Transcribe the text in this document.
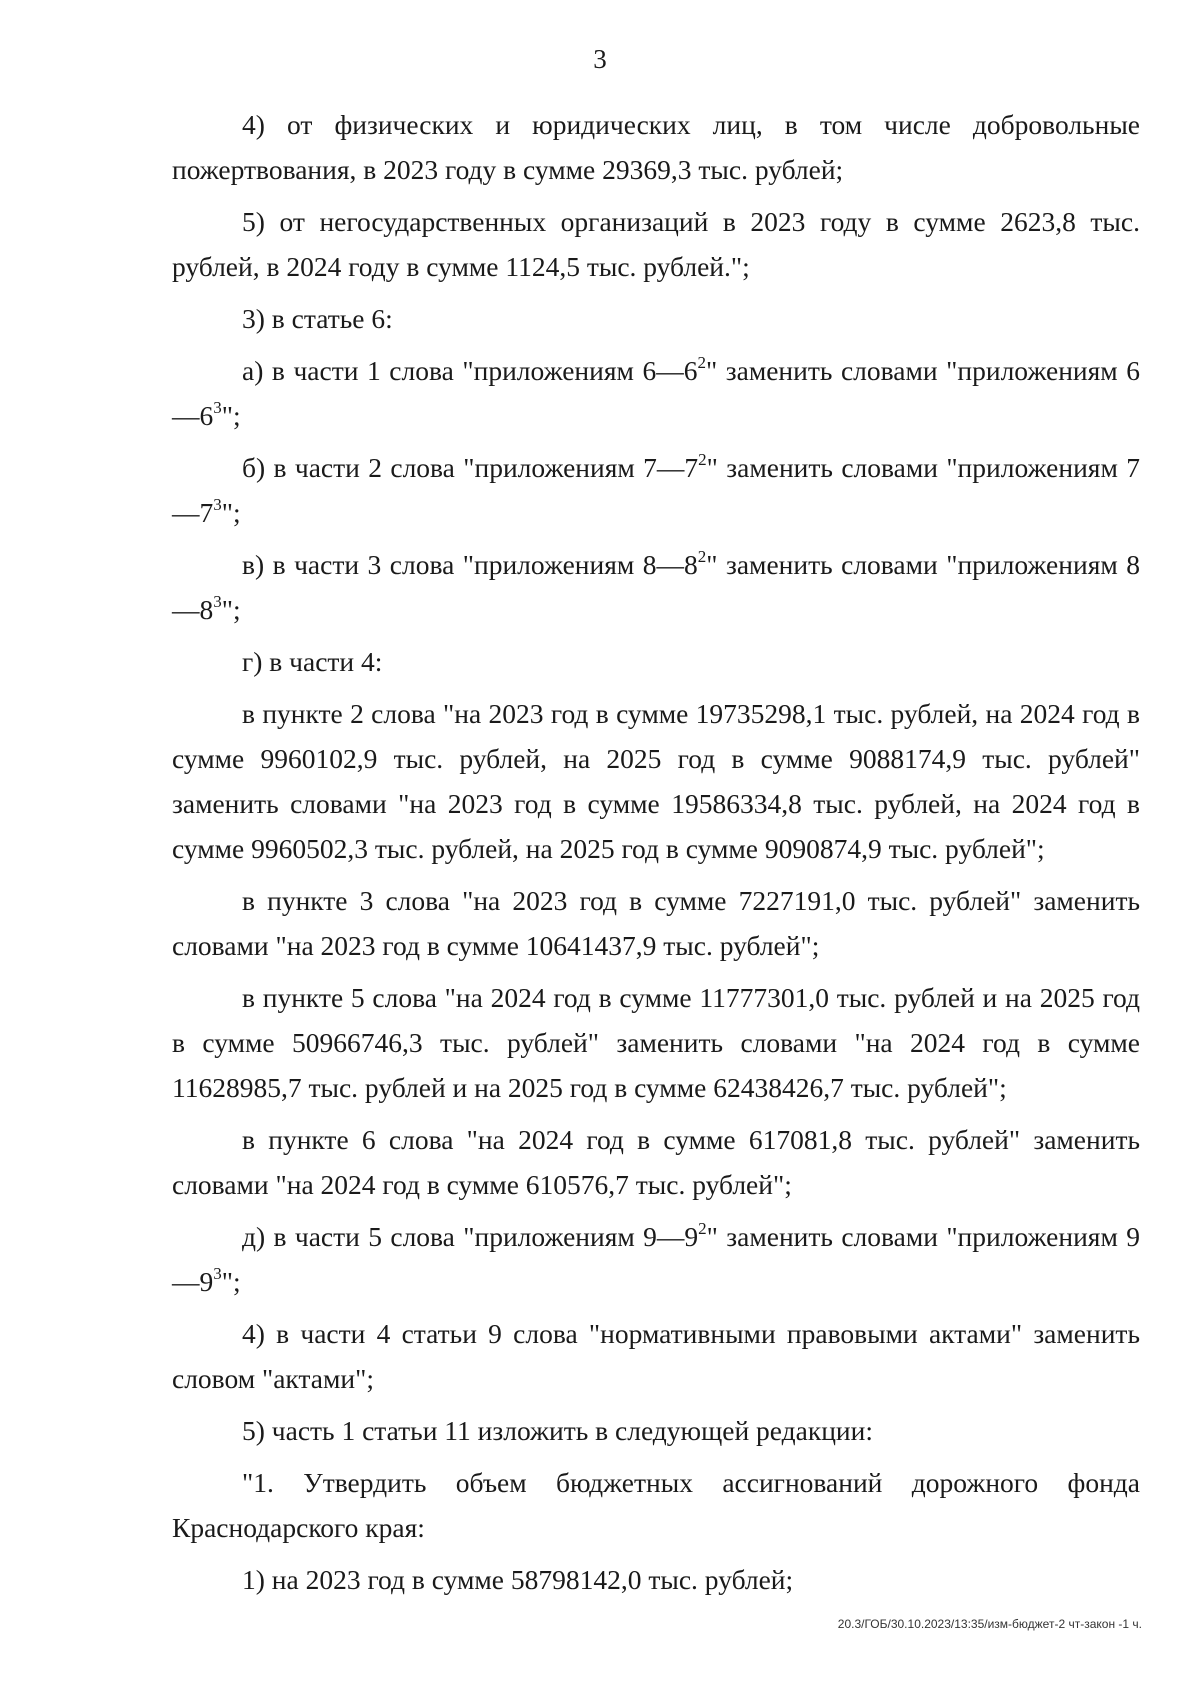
3

4) от физических и юридических лиц, в том числе добровольные пожертвования, в 2023 году в сумме 29369,3 тыс. рублей;

5) от негосударственных организаций в 2023 году в сумме 2623,8 тыс. рублей, в 2024 году в сумме 1124,5 тыс. рублей.";

3) в статье 6:

а) в части 1 слова "приложениям $6—6^2$" заменить словами "приложениям $6—6^3$";

б) в части 2 слова "приложениям $7—7^2$" заменить словами "приложениям $7—7^3$";

в) в части 3 слова "приложениям $8—8^2$" заменить словами "приложениям $8—8^3$";

г) в части 4:

в пункте 2 слова "на 2023 год в сумме 19735298,1 тыс. рублей, на 2024 год в сумме 9960102,9 тыс. рублей, на 2025 год в сумме 9088174,9 тыс. рублей" заменить словами "на 2023 год в сумме 19586334,8 тыс. рублей, на 2024 год в сумме 9960502,3 тыс. рублей, на 2025 год в сумме 9090874,9 тыс. рублей";

в пункте 3 слова "на 2023 год в сумме 7227191,0 тыс. рублей" заменить словами "на 2023 год в сумме 10641437,9 тыс. рублей";

в пункте 5 слова "на 2024 год в сумме 11777301,0 тыс. рублей и на 2025 год в сумме 50966746,3 тыс. рублей" заменить словами "на 2024 год в сумме 11628985,7 тыс. рублей и на 2025 год в сумме 62438426,7 тыс. рублей";

в пункте 6 слова "на 2024 год в сумме 617081,8 тыс. рублей" заменить словами "на 2024 год в сумме 610576,7 тыс. рублей";

д) в части 5 слова "приложениям $9—9^2$" заменить словами "приложениям $9—9^3$";

4) в части 4 статьи 9 слова "нормативными правовыми актами" заменить словом "актами";

5) часть 1 статьи 11 изложить в следующей редакции:

"1. Утвердить объем бюджетных ассигнований дорожного фонда Краснодарского края:

1) на 2023 год в сумме 58798142,0 тыс. рублей;

20.3/ГОБ/30.10.2023/13:35/изм-бюджет-2 чт-закон -1 ч.
